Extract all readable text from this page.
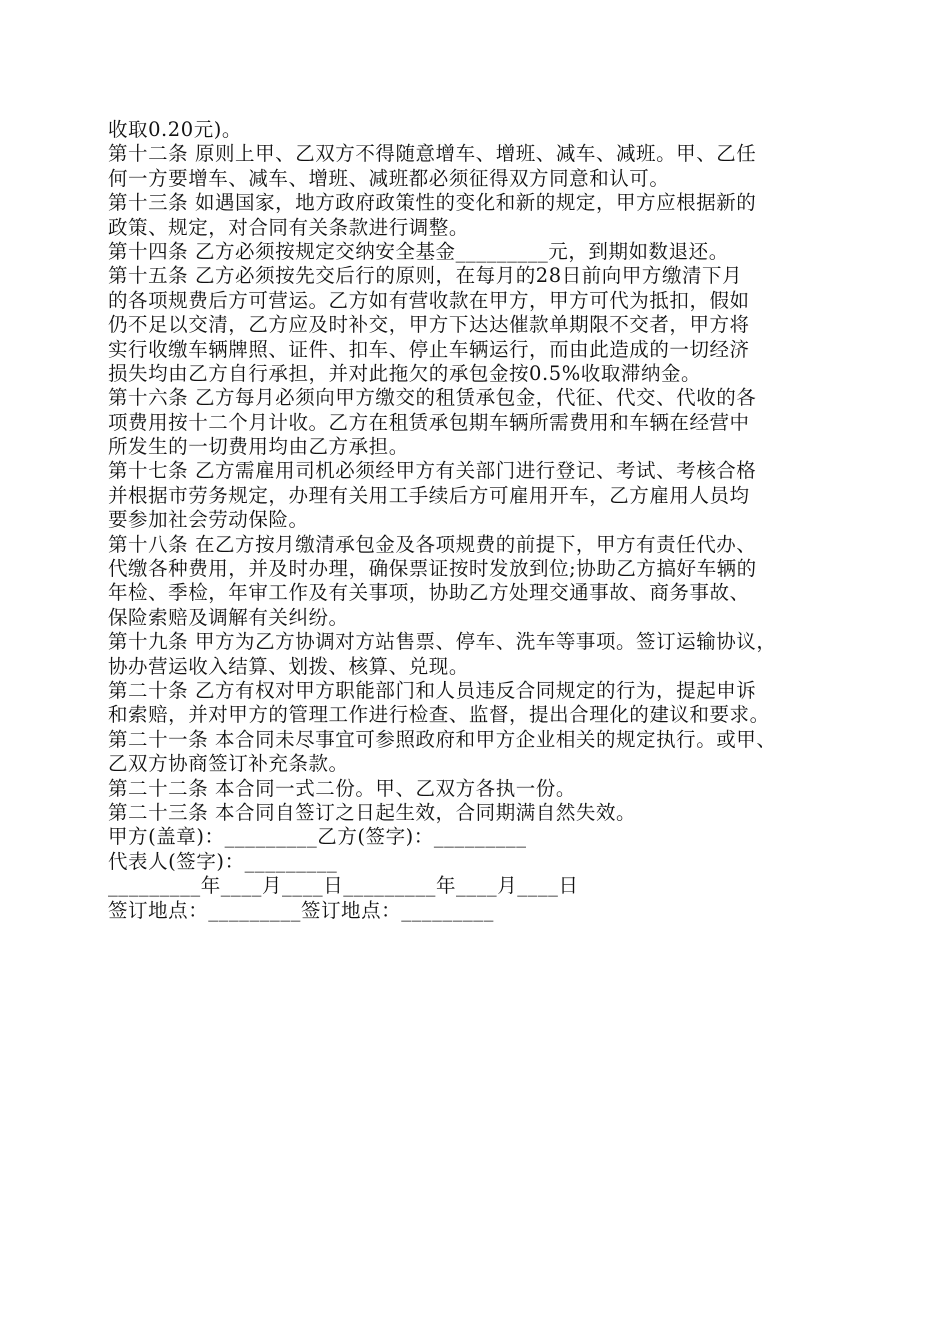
收取0.20元)。
第十二条 原则上甲、乙双方不得随意增车、增班、减车、减班。甲、乙任
何一方要增车、减车、增班、减班都必须征得双方同意和认可。
第十三条 如遇国家，地方政府政策性的变化和新的规定，甲方应根据新的
政策、规定，对合同有关条款进行调整。
第十四条 乙方必须按规定交纳安全基金_________元，到期如数退还。
第十五条 乙方必须按先交后行的原则，在每月的28日前向甲方缴清下月
的各项规费后方可营运。乙方如有营收款在甲方，甲方可代为抵扣，假如
仍不足以交清，乙方应及时补交，甲方下达达催款单期限不交者，甲方将
实行收缴车辆牌照、证件、扣车、停止车辆运行，而由此造成的一切经济
损失均由乙方自行承担，并对此拖欠的承包金按0.5%收取滞纳金。
第十六条 乙方每月必须向甲方缴交的租赁承包金，代征、代交、代收的各
项费用按十二个月计收。乙方在租赁承包期车辆所需费用和车辆在经营中
所发生的一切费用均由乙方承担。
第十七条 乙方需雇用司机必须经甲方有关部门进行登记、考试、考核合格
并根据市劳务规定，办理有关用工手续后方可雇用开车，乙方雇用人员均
要参加社会劳动保险。
第十八条 在乙方按月缴清承包金及各项规费的前提下，甲方有责任代办、
代缴各种费用，并及时办理，确保票证按时发放到位;协助乙方搞好车辆的
年检、季检，年审工作及有关事项，协助乙方处理交通事故、商务事故、
保险索赔及调解有关纠纷。
第十九条 甲方为乙方协调对方站售票、停车、洗车等事项。签订运输协议，
协办营运收入结算、划拨、核算、兑现。
第二十条 乙方有权对甲方职能部门和人员违反合同规定的行为，提起申诉
和索赔，并对甲方的管理工作进行检查、监督，提出合理化的建议和要求。
第二十一条 本合同未尽事宜可参照政府和甲方企业相关的规定执行。或甲、
乙双方协商签订补充条款。
第二十二条 本合同一式二份。甲、乙双方各执一份。
第二十三条 本合同自签订之日起生效，合同期满自然失效。
甲方(盖章)：_________乙方(签字)：_________
代表人(签字)：_________
_________年____月____日_________年____月____日
签订地点：_________签订地点：_________
